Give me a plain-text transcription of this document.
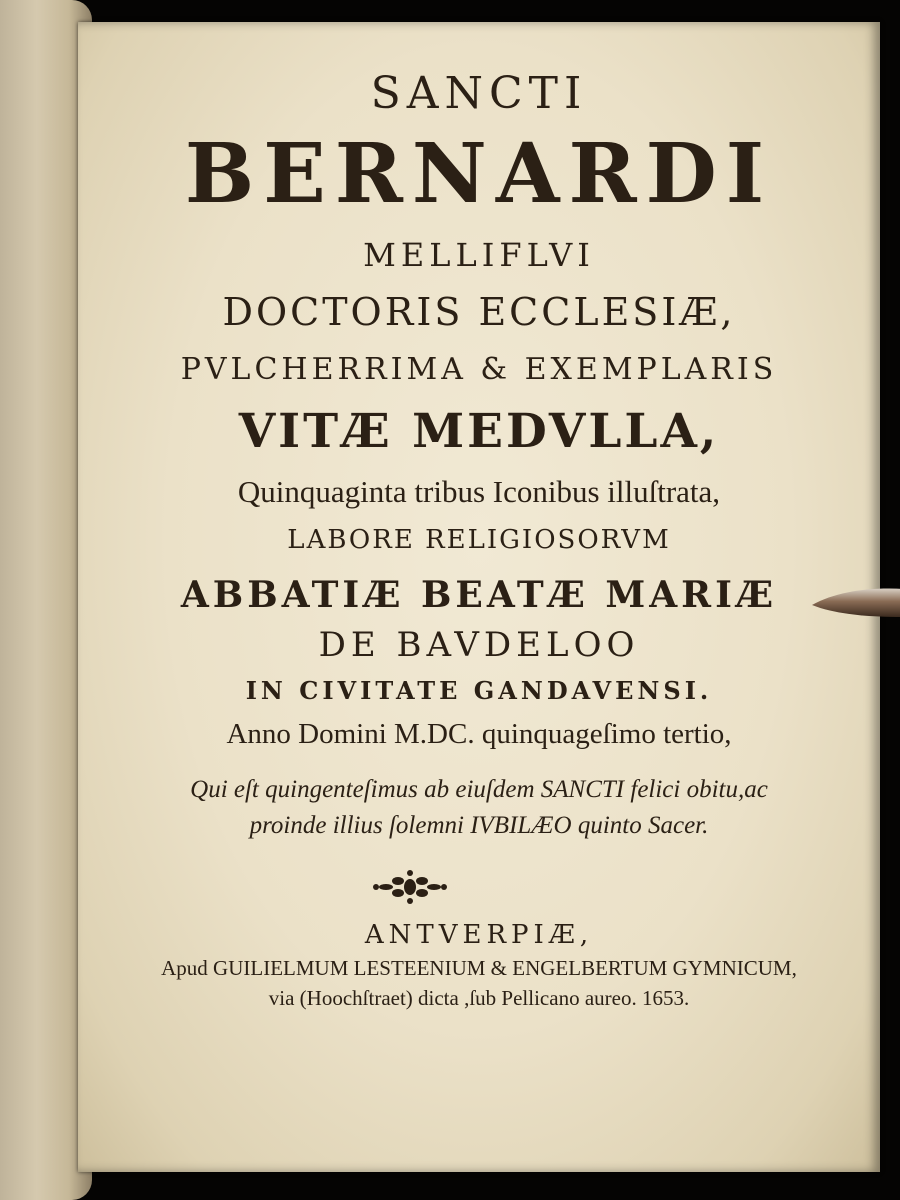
SANCTI

BERNARDI

MELLIFLVI

DOCTORIS ECCLESIÆ,

PVLCHERRIMA & EXEMPLARIS

VITÆ MEDVLLA,

Quinquaginta tribus Iconibus illuſtrata,

LABORE RELIGIOSORVM

ABBATIÆ BEATÆ MARIÆ

DE BAVDELOO

IN CIVITATE GANDAVENSI.

Anno Domini M.DC. quinquageſimo tertio,

Qui eſt quingenteſimus ab eiuſdem SANCTI felici obitu,ac

proinde illius ſolemni IVBILÆO quinto Sacer.

ANTVERPIÆ,

Apud GUILIELMUM LESTEENIUM & ENGELBERTUM GYMNICUM,

via (Hoochſtraet) dicta ,ſub Pellicano aureo. 1653.
